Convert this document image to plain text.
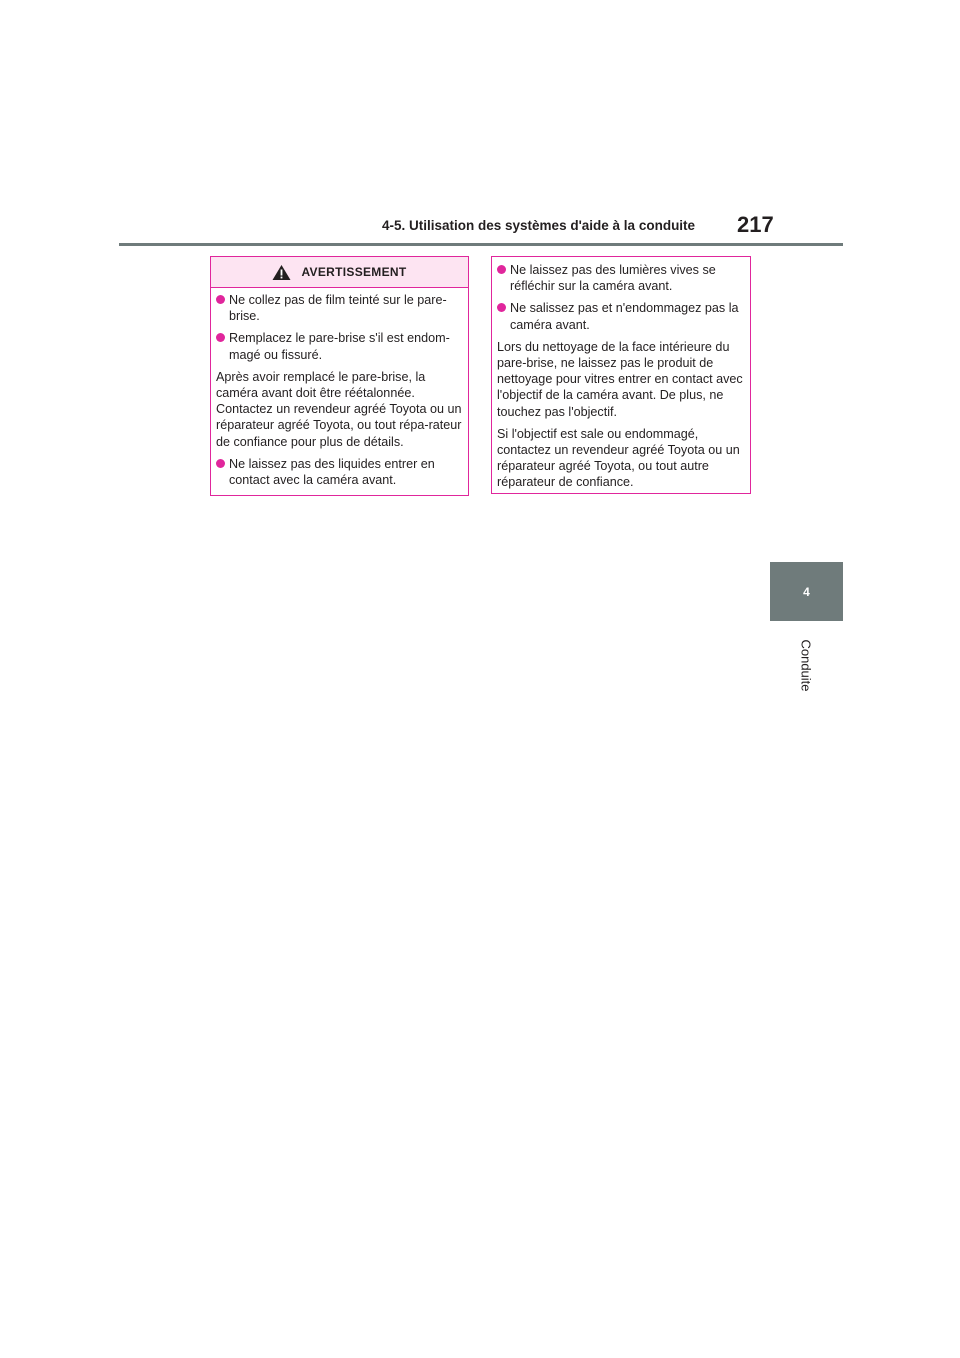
4-5. Utilisation des systèmes d'aide à la conduite 217
4
Conduite
AVERTISSEMENT
Ne collez pas de film teinté sur le pare-brise.
Remplacez le pare-brise s'il est endom-magé ou fissuré.
Après avoir remplacé le pare-brise, la caméra avant doit être réétalonnée. Contactez un revendeur agréé Toyota ou un réparateur agréé Toyota, ou tout répa-rateur de confiance pour plus de détails.
Ne laissez pas des liquides entrer en contact avec la caméra avant.
Ne laissez pas des lumières vives se réfléchir sur la caméra avant.
Ne salissez pas et n'endommagez pas la caméra avant.
Lors du nettoyage de la face intérieure du pare-brise, ne laissez pas le produit de nettoyage pour vitres entrer en contact avec l'objectif de la caméra avant. De plus, ne touchez pas l'objectif.
Si l'objectif est sale ou endommagé, contactez un revendeur agréé Toyota ou un réparateur agréé Toyota, ou tout autre réparateur de confiance.
